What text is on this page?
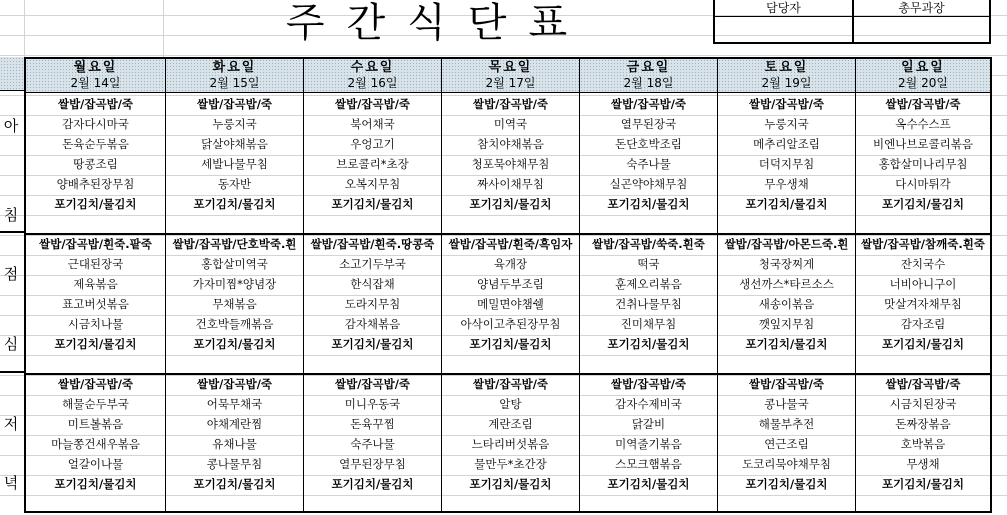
주간식단표	담당자	총무과장
아
침
점
심
저
녁
월요일
2월 14일
쌀밥/잡곡밥/죽
감자다시마국
돈육순두볶음
땅콩조림
양배추된장무침
포기김치/물김치
쌀밥/잡곡밥/흰죽.팥죽
근대된장국
제육볶음
표고버섯볶음
시금치나물
포기김치/물김치
쌀밥/잡곡밥/죽
해물순두부국
미트볼볶음
마늘쫑건새우볶음
얼갈이나물
포기김치/물김치
화요일
2월 15일
쌀밥/잡곡밥/죽
누룽지국
닭살야채볶음
세발나물무침
동자반
포기김치/물김치
쌀밥/잡곡밥/단호박죽.흰
홍합살미역국
가자미찜*양념장
무채볶음
건호박들깨볶음
포기김치/물김치
쌀밥/잡곡밥/죽
어묵무채국
야채계란찜
유채나물
콩나물무침
포기김치/물김치
수요일
2월 16일
쌀밥/잡곡밥/죽
북어채국
우엉고기
브로콜리*초장
오복지무침
포기김치/물김치
쌀밥/잡곡밥/흰죽.땅콩죽
소고기두부국
한식잡채
도라지무침
감자채볶음
포기김치/물김치
쌀밥/잡곡밥/죽
미니우동국
돈육꾸찜
숙주나물
열무된장무침
포기김치/물김치
목요일
2월 17일
쌀밥/잡곡밥/죽
미역국
참치야채볶음
청포묵야채무침
짜사이채무침
포기김치/물김치
쌀밥/잡곡밥/흰죽/흑임자
육개장
양념두부조림
메밀면야챔쉘
아삭이고추된장무침
포기김치/물김치
쌀밥/잡곡밥/죽
알탕
계란조림
느타리버섯볶음
물만두*초간장
포기김치/물김치
금요일
2월 18일
쌀밥/잡곡밥/죽
열무된장국
돈단호박조림
숙주나물
실곤약야채무침
포기김치/물김치
쌀밥/잡곡밥/쑥죽.흰죽
떡국
훈제오리볶음
건취나물무침
진미채무침
포기김치/물김치
쌀밥/잡곡밥/죽
감자수제비국
닭갈비
미역줄기볶음
스모크햄볶음
포기김치/물김치
토요일
2월 19일
쌀밥/잡곡밥/죽
누룽지국
메추리알조림
더덕지무침
무우생채
포기김치/물김치
쌀밥/잡곡밥/아몬드죽.흰
청국장찌게
생선까스*타르소스
새송이볶음
깻잎지무침
포기김치/물김치
쌀밥/잡곡밥/죽
콩나물국
해물부추전
연근조림
도코리묵야채무침
포기김치/물김치
일요일
2월 20일
쌀밥/잡곡밥/죽
옥수수스프
비엔나브로콜리볶음
홍합살미나리무침
다시마튀각
포기김치/물김치
쌀밥/잡곡밥/참깨죽.흰죽
잔치국수
너비아니구이
맛살겨자채무침
감자조림
포기김치/물김치
쌀밥/잡곡밥/죽
시금치된장국
돈짜장볶음
호박볶음
무생채
포기김치/물김치
